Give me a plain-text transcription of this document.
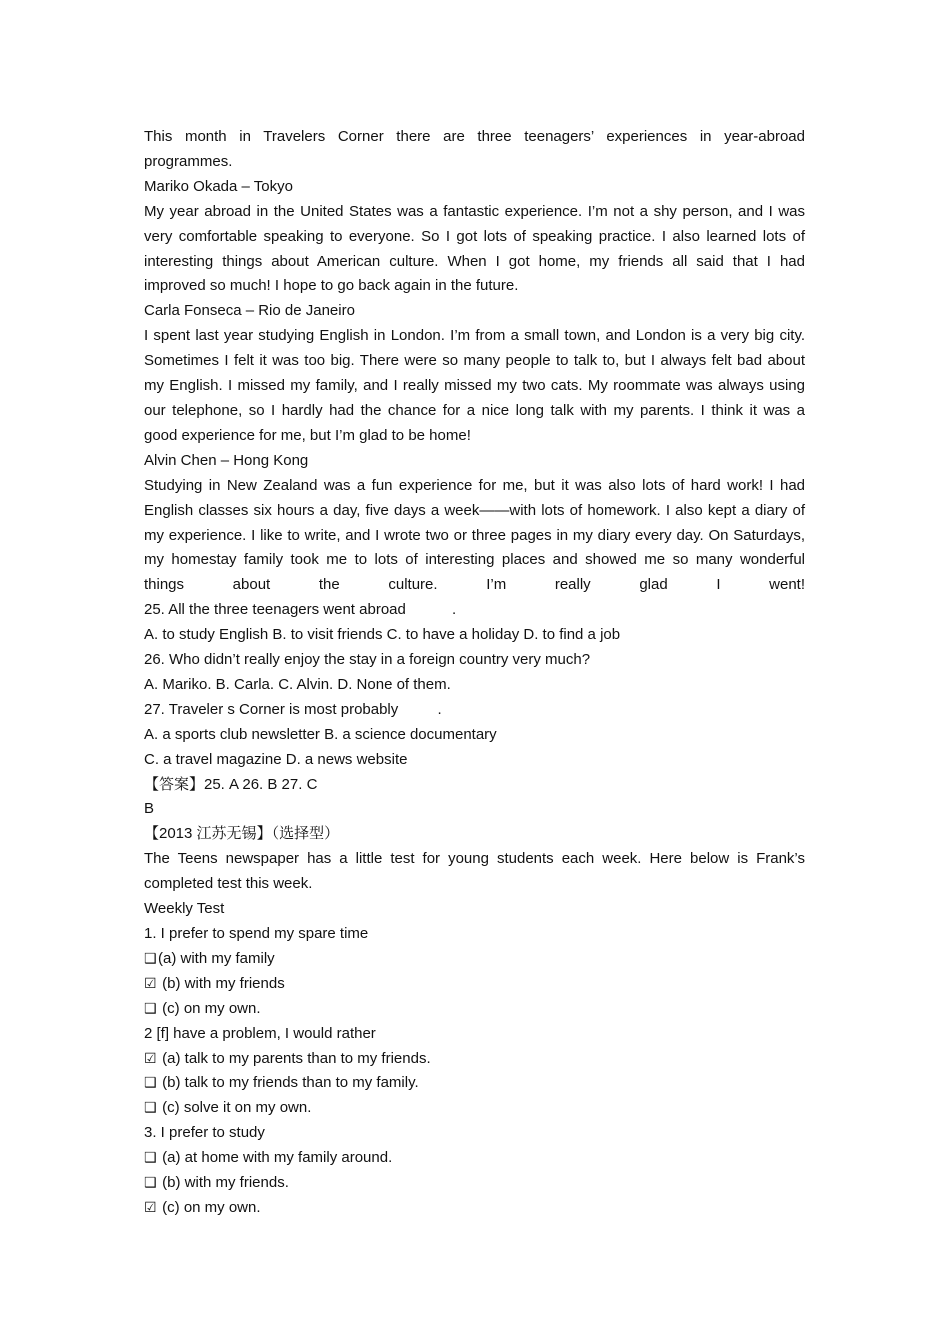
This month in Travelers Corner there are three teenagers’ experiences in year-abroad
programmes.
Mariko Okada – Tokyo
My year abroad in the United States was a fantastic experience. I’m not a shy person, and I was
very comfortable speaking to everyone. So I got lots of speaking practice. I also learned lots of
interesting things about American culture. When I got home, my friends all said that I had
improved so much! I hope to go back again in the future.
Carla Fonseca – Rio de Janeiro
I spent last year studying English in London. I’m from a small town, and London is a very big city.
Sometimes I felt it was too big. There were so many people to talk to, but I always felt bad about
my English. I missed my family, and I really missed my two cats. My roommate was always using
our telephone, so I hardly had the chance for a nice long talk with my parents. I think it was a
good experience for me, but I’m glad to be home!
Alvin Chen – Hong Kong
Studying in New Zealand was a fun experience for me, but it was also lots of hard work! I had
English classes six hours a day, five days a week——with lots of homework. I also kept a diary of
my experience. I like to write, and I wrote two or three pages in my diary every day. On Saturdays,
my homestay family took me to lots of interesting places and showed me so many wonderful
things about the culture. I’m really glad I went!
25. All the three teenagers went abroad	.
A. to study English B. to visit friends C. to have a holiday D. to find a job
26. Who didn’t really enjoy the stay in a foreign country very much?
A. Mariko. B. Carla. C. Alvin. D. None of them.
27. Traveler s Corner is most probably .
A. a sports club newsletter B. a science documentary
C. a travel magazine D. a news website
【答案】25. A 26. B 27. C
B
【2013 江苏无锡】（选择型）
The Teens newspaper has a little test for young students each week. Here below is Frank’s
completed test this week.
Weekly Test
1. I prefer to spend my spare time
❑(a) with my family
☑ (b) with my friends
❑ (c) on my own.
2 [f] have a problem, I would rather
☑ (a) talk to my parents than to my friends.
❑ (b) talk to my friends than to my family.
❑ (c) solve it on my own.
3. I prefer to study
❑ (a) at home with my family around.
❑ (b) with my friends.
☑ (c) on my own.
